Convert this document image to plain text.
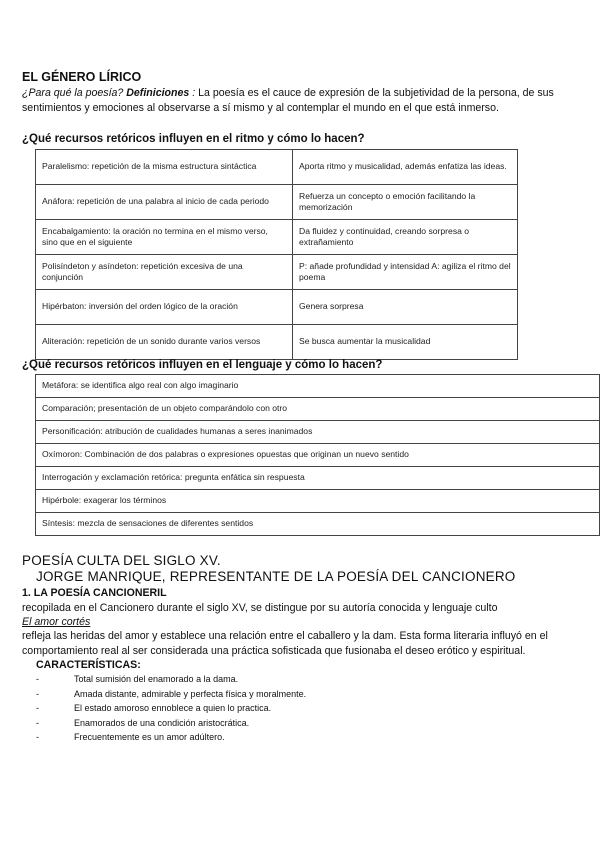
EL GÉNERO LÍRICO
¿Para qué la poesía? Definiciones : La poesía es el cauce de expresión de la subjetividad de la persona, de sus
sentimientos y emociones al observarse a sí mismo y al contemplar el mundo en el que está inmerso.
¿Qué recursos retóricos influyen en el ritmo y cómo lo hacen?
Paralelismo: repetición de la misma estructura sintáctica	Aporta ritmo y musicalidad, además enfatiza las ideas.
Anáfora: repetición de una palabra al inicio de cada periodo	Refuerza un concepto o emoción facilitando la memorización
Encabalgamiento: la oración no termina en el mismo verso, sino que en el siguiente	Da fluidez y continuidad, creando sorpresa o extrañamiento
Polisíndeton y asíndeton: repetición excesiva de una conjunción	P: añade profundidad y intensidad A: agiliza el ritmo del poema
Hipérbaton: inversión del orden lógico de la oración	Genera sorpresa
Aliteración: repetición de un sonido durante varios versos	Se busca aumentar la musicalidad
¿Qué recursos retóricos influyen en el lenguaje y cómo lo hacen?
Metáfora: se identifica algo real con algo imaginario
Comparación; presentación de un objeto comparándolo con otro
Personificación: atribución de cualidades humanas a seres inanimados
Oxímoron: Combinación de dos palabras o expresiones opuestas que originan un nuevo sentido
Interrogación y exclamación retórica: pregunta enfática sin respuesta
Hipérbole: exagerar los términos
Síntesis: mezcla de sensaciones de diferentes sentidos
POESÍA CULTA DEL SIGLO XV.
JORGE MANRIQUE, REPRESENTANTE DE LA POESÍA DEL CANCIONERO
1. LA POESÍA CANCIONERIL
recopilada en el Cancionero durante el siglo XV, se distingue por su autoría conocida y lenguaje culto
El amor cortés
refleja las heridas del amor y establece una relación entre el caballero y la dam. Esta forma literaria influyó en el
comportamiento real al ser considerada una práctica sofisticada que fusionaba el deseo erótico y espiritual.
CARACTERÍSTICAS:
-	Total sumisión del enamorado a la dama.
-	Amada distante, admirable y perfecta física y moralmente.
-	El estado amoroso ennoblece a quien lo practica.
-	Enamorados de una condición aristocrática.
-	Frecuentemente es un amor adúltero.
